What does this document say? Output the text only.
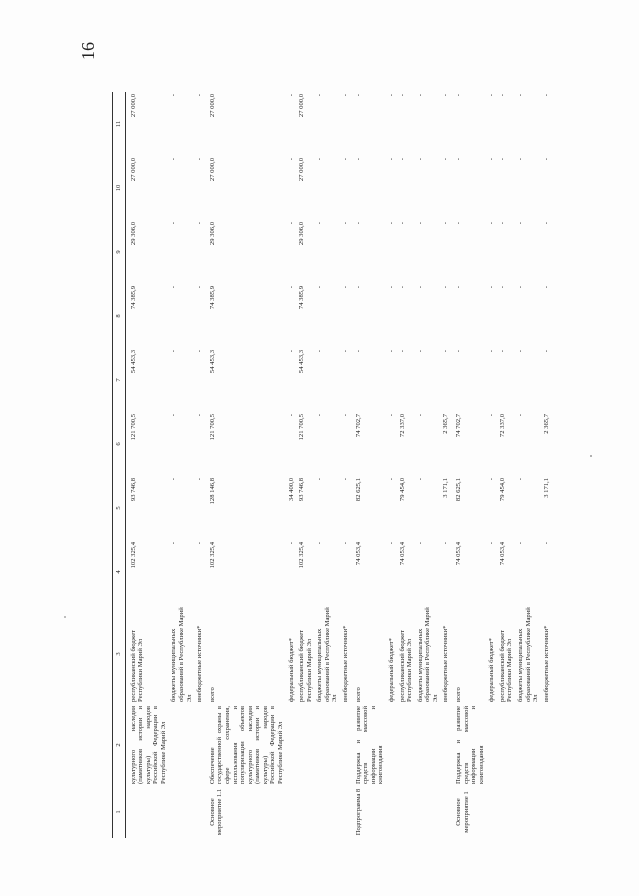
16
1	2	3	4	5	6	7	8	9	10	11
	культурного наследия (памятников истории и культуры) народов Российской Федерации в Республике Марий Эл	республиканский бюджет Республики Марий Эл	102 325,4	93 746,8	121 700,5	54 453,3	74 385,9	29 306,0	27 000,0	27 000,0
		бюджеты муниципальных образований в Республике Марий Эл	-	-	-	-	-	-	-	-
		внебюджетные источники*	-	-	-	-	-	-	-	-
Основное мероприятие 1.1	Обеспечение государственной охраны в сфере сохранения, использования и популяризации объектов культурного наследия (памятников истории и культуры) народов Российской Федерации в Республике Марий Эл	всего	102 325,4	128 146,8	121 700,5	54 453,3	74 385,9	29 306,0	27 000,0	27 000,0
		федеральный бюджет*	-	34 400,0	-	-	-	-	-	-
		республиканский бюджет Республики Марий Эл	102 325,4	93 746,8	121 700,5	54 453,3	74 385,9	29 306,0	27 000,0	27 000,0
		бюджеты муниципальных образований в Республике Марий Эл	-	-	-	-	-	-	-	-
		внебюджетные источники*	-	-	-	-	-	-	-	-
Подпрограмма 8	Поддержка и развитие средств массовой информации и книгоиздания	всего	74 053,4	82 625,1	74 702,7	-	-	-	-	-
		федеральный бюджет*	-	-	-	-	-	-	-	-
		республиканский бюджет Республики Марий Эл	74 053,4	79 454,0	72 337,0	-	-	-	-	-
		бюджеты муниципальных образований в Республике Марий Эл	-	-	-	-	-	-	-	-
		внебюджетные источники*	-	3 171,1	2 365,7	-	-	-	-	-
Основное мероприятие 1	Поддержка и развитие средств массовой информации и книгоиздания	всего	74 053,4	82 625,1	74 702,7	-	-	-	-	-
		федеральный бюджет*	-	-	-	-	-	-	-	-
		республиканский бюджет Республики Марий Эл	74 053,4	79 454,0	72 337,0	-	-	-	-	-
		бюджеты муниципальных образований в Республике Марий Эл	-	-	-	-	-	-	-	-
		внебюджетные источники*	-	3 171,1	2 365,7	-	-	-	-	-
